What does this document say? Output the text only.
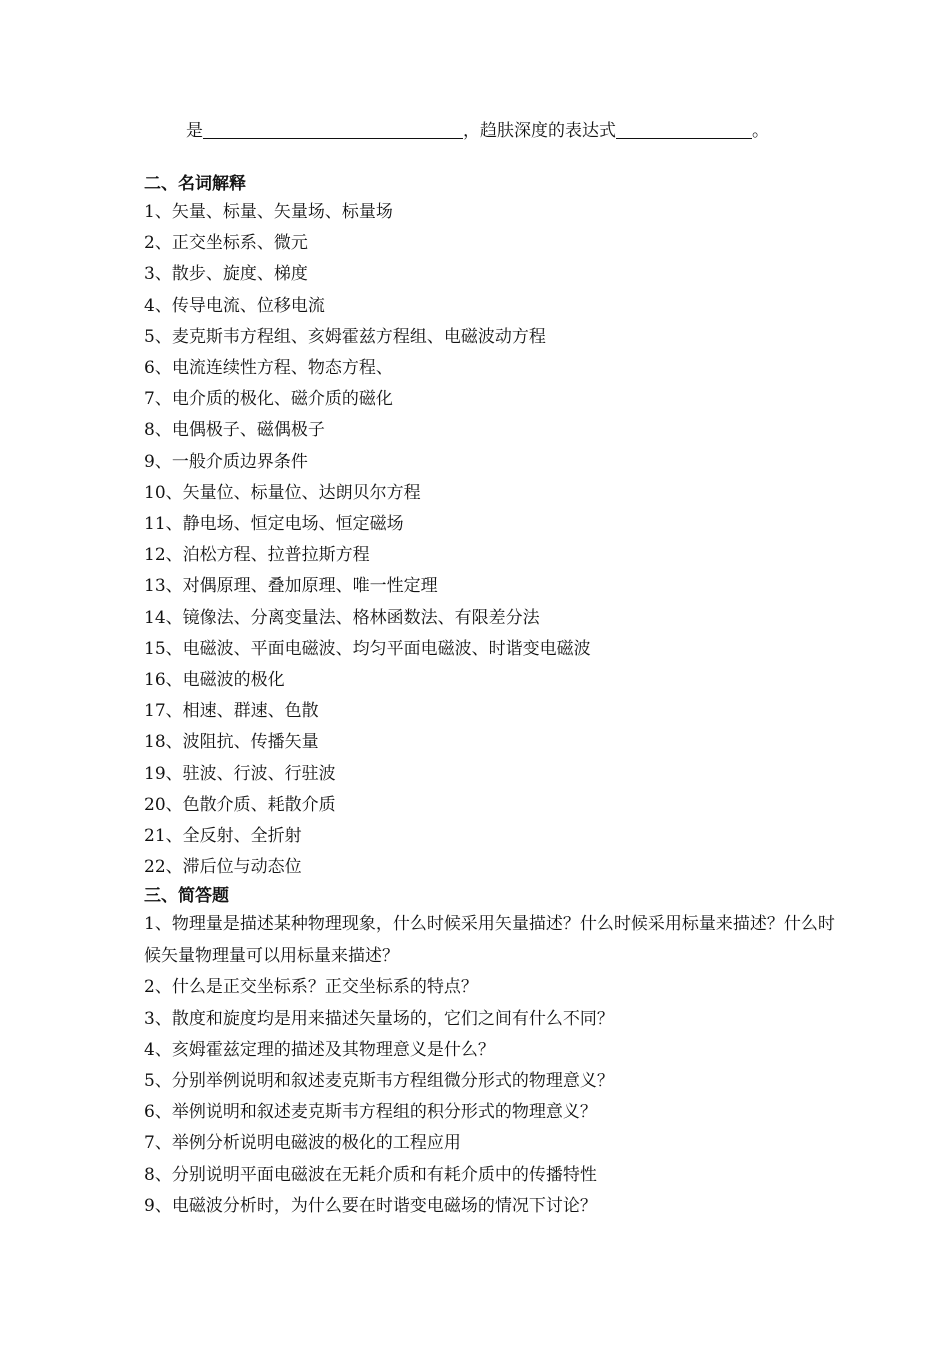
是	，趋肤深度的表达式	。
二、名词解释
1、矢量、标量、矢量场、标量场
2、正交坐标系、微元
3、散步、旋度、梯度
4、传导电流、位移电流
5、麦克斯韦方程组、亥姆霍兹方程组、电磁波动方程
6、电流连续性方程、物态方程、
7、电介质的极化、磁介质的磁化
8、电偶极子、磁偶极子
9、一般介质边界条件
10、矢量位、标量位、达朗贝尔方程
11、静电场、恒定电场、恒定磁场
12、泊松方程、拉普拉斯方程
13、对偶原理、叠加原理、唯一性定理
14、镜像法、分离变量法、格林函数法、有限差分法
15、电磁波、平面电磁波、均匀平面电磁波、时谐变电磁波
16、电磁波的极化
17、相速、群速、色散
18、波阻抗、传播矢量
19、驻波、行波、行驻波
20、色散介质、耗散介质
21、全反射、全折射
22、滞后位与动态位
三、简答题
1、物理量是描述某种物理现象，什么时候采用矢量描述？什么时候采用标量来描述？什么时候矢量物理量可以用标量来描述？
2、什么是正交坐标系？正交坐标系的特点？
3、散度和旋度均是用来描述矢量场的，它们之间有什么不同？
4、亥姆霍兹定理的描述及其物理意义是什么？
5、分别举例说明和叙述麦克斯韦方程组微分形式的物理意义？
6、举例说明和叙述麦克斯韦方程组的积分形式的物理意义？
7、举例分析说明电磁波的极化的工程应用
8、分别说明平面电磁波在无耗介质和有耗介质中的传播特性
9、电磁波分析时，为什么要在时谐变电磁场的情况下讨论？
